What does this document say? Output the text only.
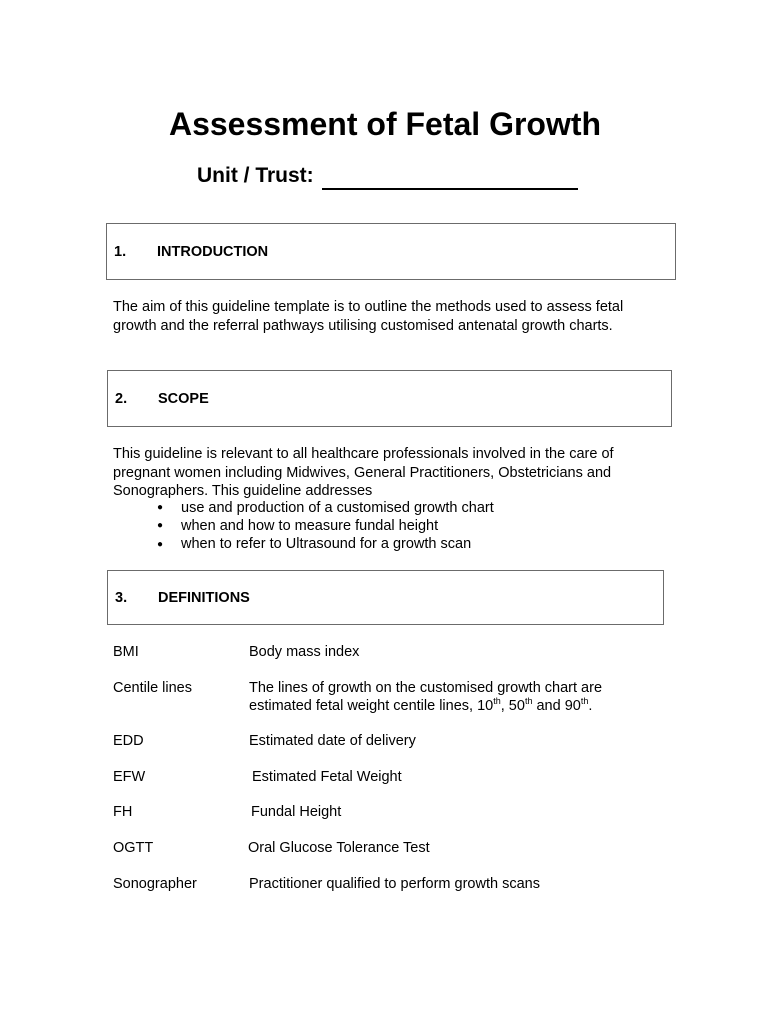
Assessment of Fetal Growth
Unit / Trust:
1. INTRODUCTION
The aim of this guideline template is to outline the methods used to assess fetal
growth and the referral pathways utilising customised antenatal growth charts.
2. SCOPE
This guideline is relevant to all healthcare professionals involved in the care of
pregnant women including Midwives, General Practitioners, Obstetricians and
Sonographers. This guideline addresses
● use and production of a customised growth chart
● when and how to measure fundal height
● when to refer to Ultrasound for a growth scan
3. DEFINITIONS
BMI	Body mass index
Centile lines	The lines of growth on the customised growth chart are
estimated fetal weight centile lines, 10th, 50th and 90th.
EDD	Estimated date of delivery
EFW	Estimated Fetal Weight
FH	Fundal Height
OGTT	Oral Glucose Tolerance Test
Sonographer	Practitioner qualified to perform growth scans
